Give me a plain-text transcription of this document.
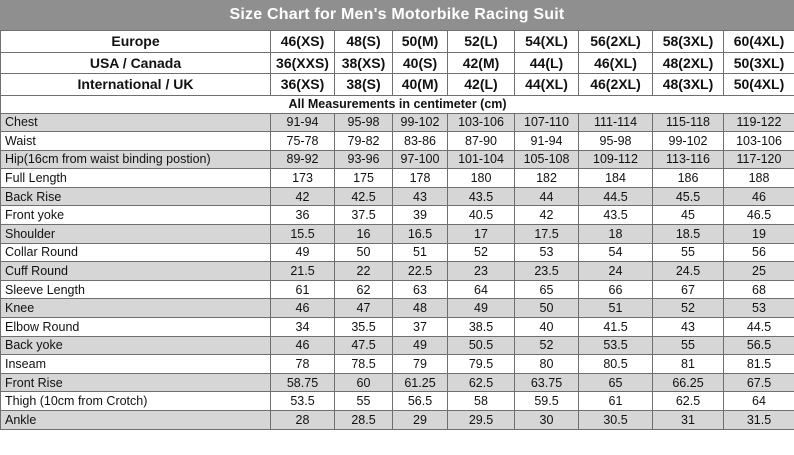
Size Chart for Men's Motorbike Racing Suit
Europe	46(XS)	48(S)	50(M)	52(L)	54(XL)	56(2XL)	58(3XL)	60(4XL)
USA / Canada	36(XXS)	38(XS)	40(S)	42(M)	44(L)	46(XL)	48(2XL)	50(3XL)
International / UK	36(XS)	38(S)	40(M)	42(L)	44(XL)	46(2XL)	48(3XL)	50(4XL)
All Measurements in centimeter (cm)								
Chest	91-94	95-98	99-102	103-106	107-110	111-114	115-118	119-122
Waist	75-78	79-82	83-86	87-90	91-94	95-98	99-102	103-106
Hip(16cm from waist binding postion)	89-92	93-96	97-100	101-104	105-108	109-112	113-116	117-120
Full Length	173	175	178	180	182	184	186	188
Back Rise	42	42.5	43	43.5	44	44.5	45.5	46
Front yoke	36	37.5	39	40.5	42	43.5	45	46.5
Shoulder	15.5	16	16.5	17	17.5	18	18.5	19
Collar Round	49	50	51	52	53	54	55	56
Cuff Round	21.5	22	22.5	23	23.5	24	24.5	25
Sleeve Length	61	62	63	64	65	66	67	68
Knee	46	47	48	49	50	51	52	53
Elbow Round	34	35.5	37	38.5	40	41.5	43	44.5
Back yoke	46	47.5	49	50.5	52	53.5	55	56.5
Inseam	78	78.5	79	79.5	80	80.5	81	81.5
Front Rise	58.75	60	61.25	62.5	63.75	65	66.25	67.5
Thigh (10cm from Crotch)	53.5	55	56.5	58	59.5	61	62.5	64
Ankle	28	28.5	29	29.5	30	30.5	31	31.5
